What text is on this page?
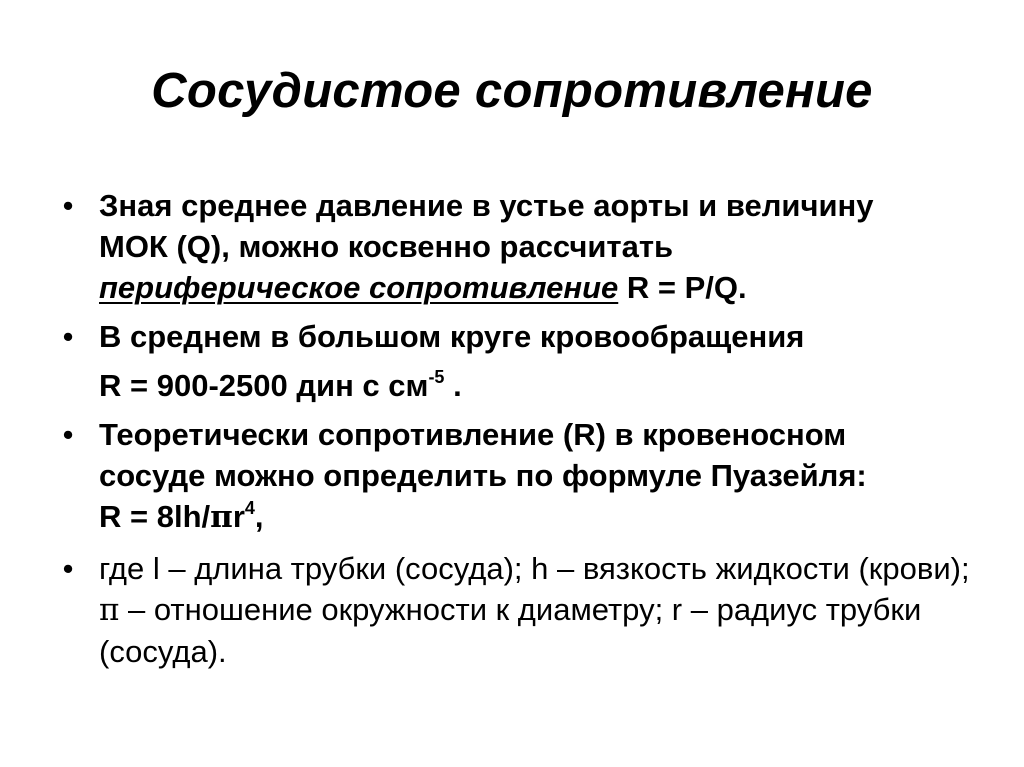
Сосудистое сопротивление
• Зная среднее давление в устье аорты и величину
МОК (Q), можно косвенно рассчитать
периферическое сопротивление R = P/Q.
• В среднем в большом круге кровообращения
R = 900-2500 дин с $см^{-5}$ .
• Теоретически сопротивление (R) в кровеносном
сосуде можно определить по формуле Пуазейля:
$R = 8lh/\pi r^4$,
• где l – длина трубки (сосуда); h – вязкость жидкости (крови); π – отношение окружности к диаметру; r – радиус трубки (сосуда).
